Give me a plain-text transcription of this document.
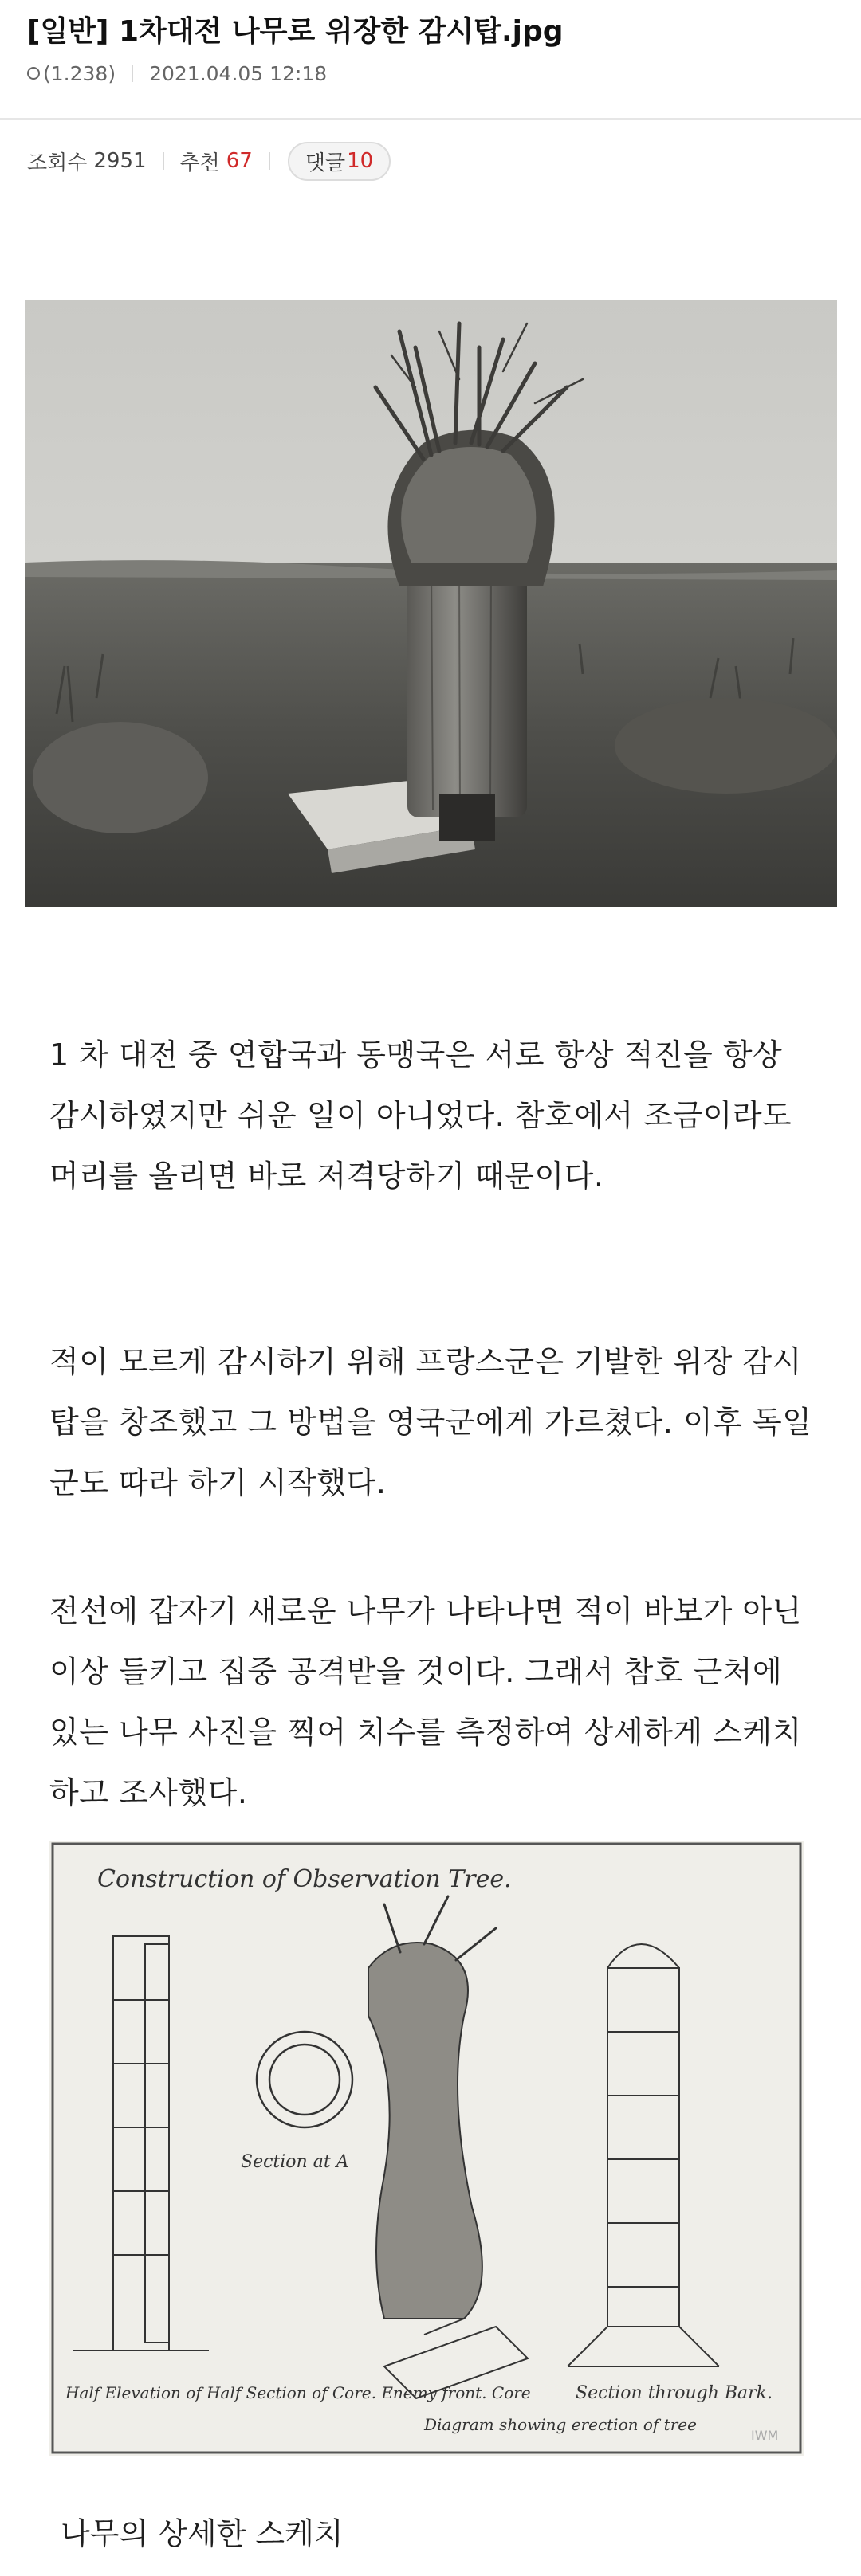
[일반] 1차대전 나무로 위장한 감시탑.jpg
(1.238) 2021.04.05 12:18
조회수 2951 추천 67	댓글 10

1 차 대전 중 연합국과 동맹국은 서로 항상 적진을 항상 감시하였지만 쉬운 일이 아니었다. 참호에서 조금이라도 머리를 올리면 바로 저격당하기 때문이다.

적이 모르게 감시하기 위해 프랑스군은 기발한 위장 감시탑을 창조했고 그 방법을 영국군에게 가르쳤다. 이후 독일군도 따라 하기 시작했다.

전선에 갑자기 새로운 나무가 나타나면 적이 바보가 아닌 이상 들키고 집중 공격받을 것이다. 그래서 참호 근처에 있는 나무 사진을 찍어 치수를 측정하여 상세하게 스케치하고 조사했다.

Construction of Observation Tree.
Section at A
Half Elevation of Half Section of Core. Enemy front. Core	Section through Bark.
Diagram showing erection of tree
IWM

나무의 상세한 스케치
